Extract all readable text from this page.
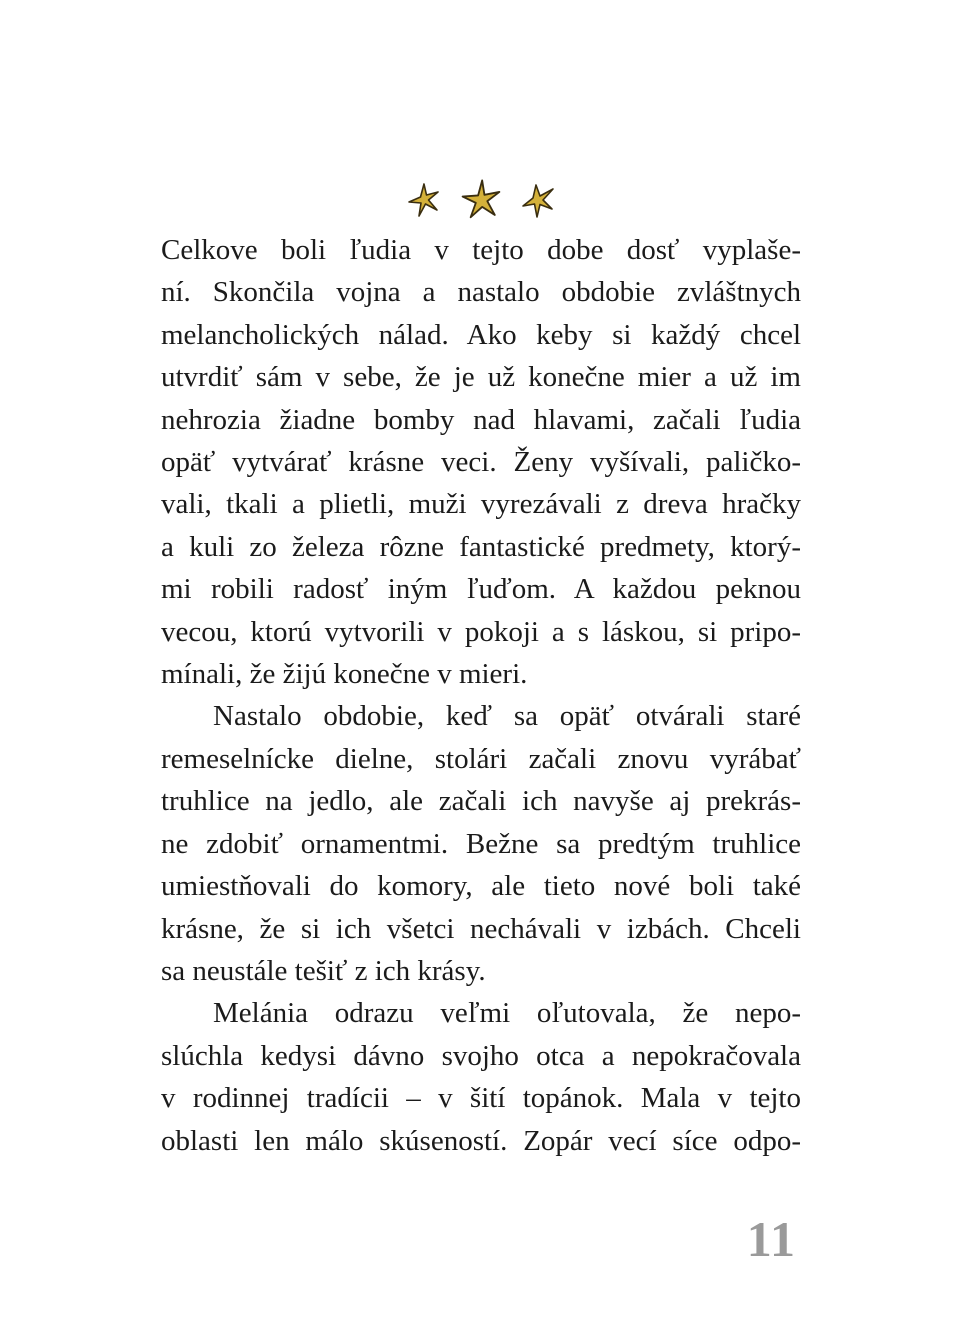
Celkove boli ľudia v tejto dobe dosť vyplaše-
ní. Skončila vojna a nastalo obdobie zvláštnych
melancholických nálad. Ako keby si každý chcel
utvrdiť sám v sebe, že je už konečne mier a už im
nehrozia žiadne bomby nad hlavami, začali ľudia
opäť vytvárať krásne veci. Ženy vyšívali, paličko-
vali, tkali a plietli, muži vyrezávali z dreva hračky
a kuli zo železa rôzne fantastické predmety, ktorý-
mi robili radosť iným ľuďom. A každou peknou
vecou, ktorú vytvorili v pokoji a s láskou, si pripo-
mínali, že žijú konečne v mieri.

Nastalo obdobie, keď sa opäť otvárali staré
remeselnícke dielne, stolári začali znovu vyrábať
truhlice na jedlo, ale začali ich navyše aj prekrás-
ne zdobiť ornamentmi. Bežne sa predtým truhlice
umiestňovali do komory, ale tieto nové boli také
krásne, že si ich všetci nechávali v izbách. Chceli
sa neustále tešiť z ich krásy.

Melánia odrazu veľmi oľutovala, že nepo-
slúchla kedysi dávno svojho otca a nepokračovala
v rodinnej tradícii – v šití topánok. Mala v tejto
oblasti len málo skúseností. Zopár vecí síce odpo-

11
